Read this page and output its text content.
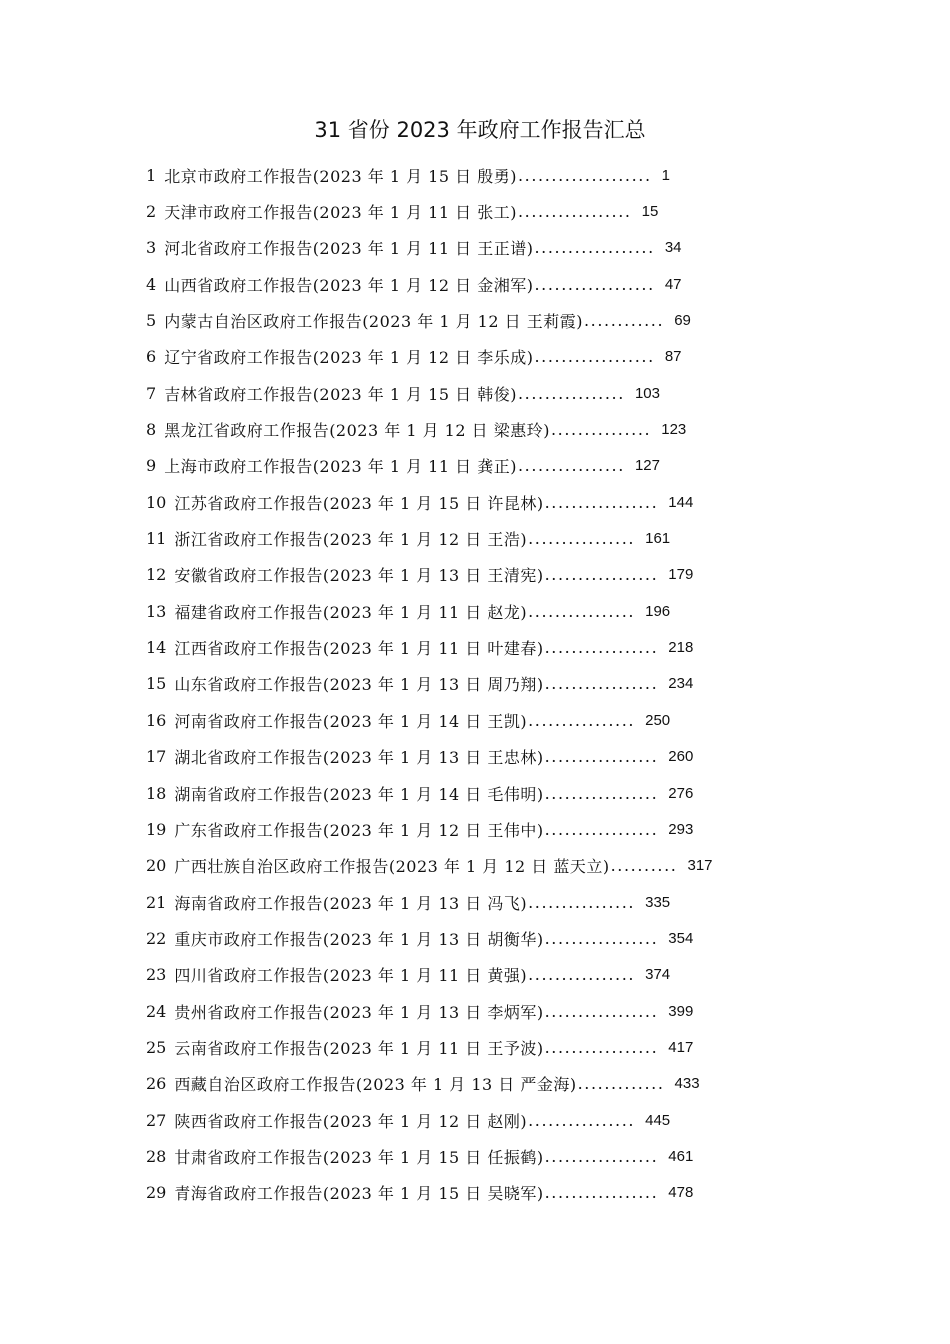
31 省份 2023 年政府工作报告汇总
1 北京市政府工作报告(2023 年 1 月 15 日 殷勇) .................... 1
2 天津市政府工作报告(2023 年 1 月 11 日 张工) ................. 15
3 河北省政府工作报告(2023 年 1 月 11 日 王正谱) .................. 34
4 山西省政府工作报告(2023 年 1 月 12 日 金湘军) .................. 47
5 内蒙古自治区政府工作报告(2023 年 1 月 12 日 王莉霞) ............ 69
6 辽宁省政府工作报告(2023 年 1 月 12 日 李乐成) .................. 87
7 吉林省政府工作报告(2023 年 1 月 15 日 韩俊) ................ 103
8 黑龙江省政府工作报告(2023 年 1 月 12 日 梁惠玲) ............... 123
9 上海市政府工作报告(2023 年 1 月 11 日 龚正) ................ 127
10 江苏省政府工作报告(2023 年 1 月 15 日 许昆林) ................. 144
11 浙江省政府工作报告(2023 年 1 月 12 日 王浩) ................ 161
12 安徽省政府工作报告(2023 年 1 月 13 日 王清宪) ................. 179
13 福建省政府工作报告(2023 年 1 月 11 日 赵龙) ................ 196
14 江西省政府工作报告(2023 年 1 月 11 日 叶建春) ................. 218
15 山东省政府工作报告(2023 年 1 月 13 日 周乃翔) ................. 234
16 河南省政府工作报告(2023 年 1 月 14 日 王凯) ................ 250
17 湖北省政府工作报告(2023 年 1 月 13 日 王忠林) ................. 260
18 湖南省政府工作报告(2023 年 1 月 14 日 毛伟明) ................. 276
19 广东省政府工作报告(2023 年 1 月 12 日 王伟中) ................. 293
20 广西壮族自治区政府工作报告(2023 年 1 月 12 日 蓝天立) .......... 317
21 海南省政府工作报告(2023 年 1 月 13 日 冯飞) ................ 335
22 重庆市政府工作报告(2023 年 1 月 13 日 胡衡华) ................. 354
23 四川省政府工作报告(2023 年 1 月 11 日 黄强) ................ 374
24 贵州省政府工作报告(2023 年 1 月 13 日 李炳军) ................. 399
25 云南省政府工作报告(2023 年 1 月 11 日 王予波) ................. 417
26 西藏自治区政府工作报告(2023 年 1 月 13 日 严金海) ............. 433
27 陕西省政府工作报告(2023 年 1 月 12 日 赵刚) ................ 445
28 甘肃省政府工作报告(2023 年 1 月 15 日 任振鹤) ................. 461
29 青海省政府工作报告(2023 年 1 月 15 日 吴晓军) ................. 478
